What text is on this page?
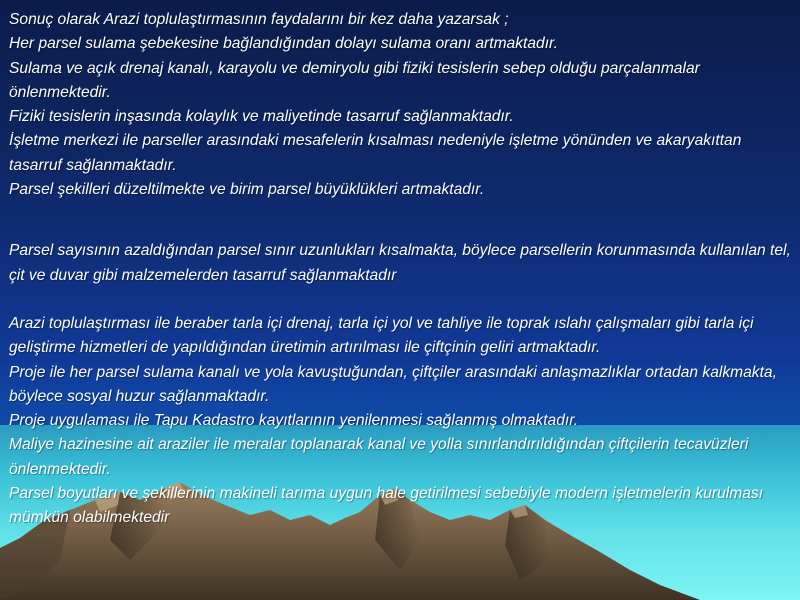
Sonuç olarak Arazi toplulaştırmasının faydalarını bir kez daha yazarsak ;

Her parsel sulama şebekesine bağlandığından dolayı sulama oranı artmaktadır.

Sulama ve açık drenaj kanalı, karayolu ve demiryolu gibi fiziki tesislerin sebep olduğu parçalanmalar önlenmektedir.

Fiziki tesislerin inşasında kolaylık ve maliyetinde tasarruf sağlanmaktadır.

İşletme merkezi ile parseller arasındaki mesafelerin kısalması nedeniyle işletme yönünden ve akaryakıttan tasarruf sağlanmaktadır.

Parsel şekilleri düzeltilmekte ve birim parsel büyüklükleri artmaktadır.

Parsel sayısının azaldığından parsel sınır uzunlukları kısalmakta, böylece parsellerin korunmasında kullanılan tel, çit ve duvar gibi malzemelerden tasarruf sağlanmaktadır

Arazi toplulaştırması ile beraber tarla içi drenaj, tarla içi yol ve tahliye ile toprak ıslahı çalışmaları gibi tarla içi geliştirme hizmetleri de yapıldığından üretimin artırılması ile çiftçinin geliri artmaktadır.

Proje ile her parsel sulama kanalı ve yola kavuştuğundan, çiftçiler arasındaki anlaşmazlıklar ortadan kalkmakta, böylece sosyal huzur sağlanmaktadır.

Proje uygulaması ile Tapu Kadastro kayıtlarının yenilenmesi sağlanmış olmaktadır.

Maliye hazinesine ait araziler ile meralar toplanarak kanal ve yolla sınırlandırıldığından çiftçilerin tecavüzleri önlenmektedir.

Parsel boyutları ve şekillerinin makineli tarıma uygun hale getirilmesi sebebiyle modern işletmelerin kurulması mümkün olabilmektedir
